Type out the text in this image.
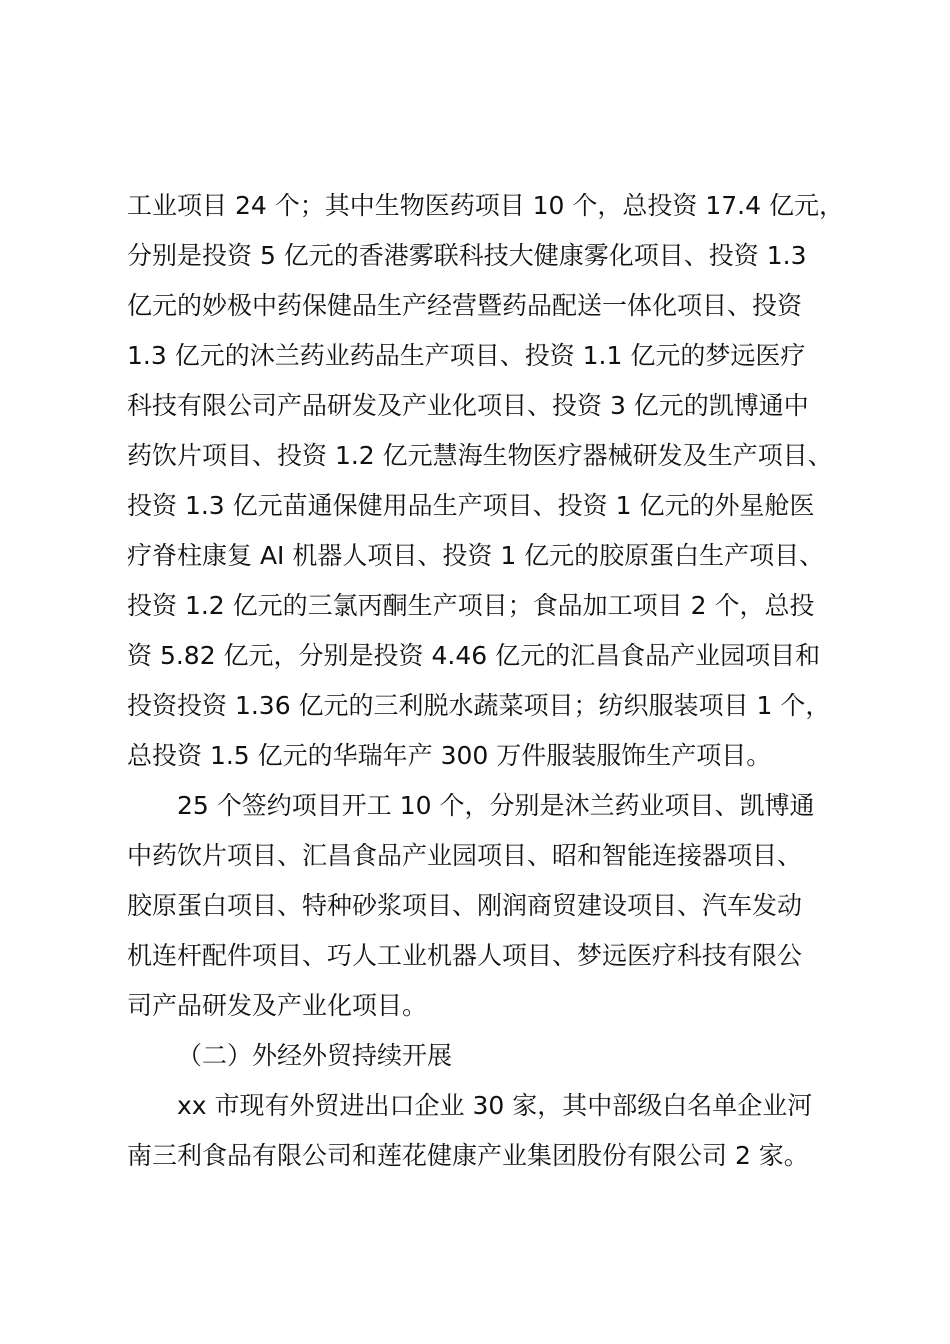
工业项目 24 个；其中生物医药项目 10 个，总投资 17.4 亿元，
分别是投资 5 亿元的香港雾联科技大健康雾化项目、投资 1.3
亿元的妙极中药保健品生产经营暨药品配送一体化项目、投资
1.3 亿元的沐兰药业药品生产项目、投资 1.1 亿元的梦远医疗
科技有限公司产品研发及产业化项目、投资 3 亿元的凯博通中
药饮片项目、投资 1.2 亿元慧海生物医疗器械研发及生产项目、
投资 1.3 亿元苗通保健用品生产项目、投资 1 亿元的外星舱医
疗脊柱康复 AI 机器人项目、投资 1 亿元的胶原蛋白生产项目、
投资 1.2 亿元的三氯丙酮生产项目；食品加工项目 2 个，总投
资 5.82 亿元，分别是投资 4.46 亿元的汇昌食品产业园项目和
投资投资 1.36 亿元的三利脱水蔬菜项目；纺织服装项目 1 个，
总投资 1.5 亿元的华瑞年产 300 万件服装服饰生产项目。

25 个签约项目开工 10 个，分别是沐兰药业项目、凯博通

中药饮片项目、汇昌食品产业园项目、昭和智能连接器项目、
胶原蛋白项目、特种砂浆项目、刚润商贸建设项目、汽车发动
机连杆配件项目、巧人工业机器人项目、梦远医疗科技有限公
司产品研发及产业化项目。

（二）外经外贸持续开展

xx 市现有外贸进出口企业 30 家，其中部级白名单企业河

南三利食品有限公司和莲花健康产业集团股份有限公司 2 家。
